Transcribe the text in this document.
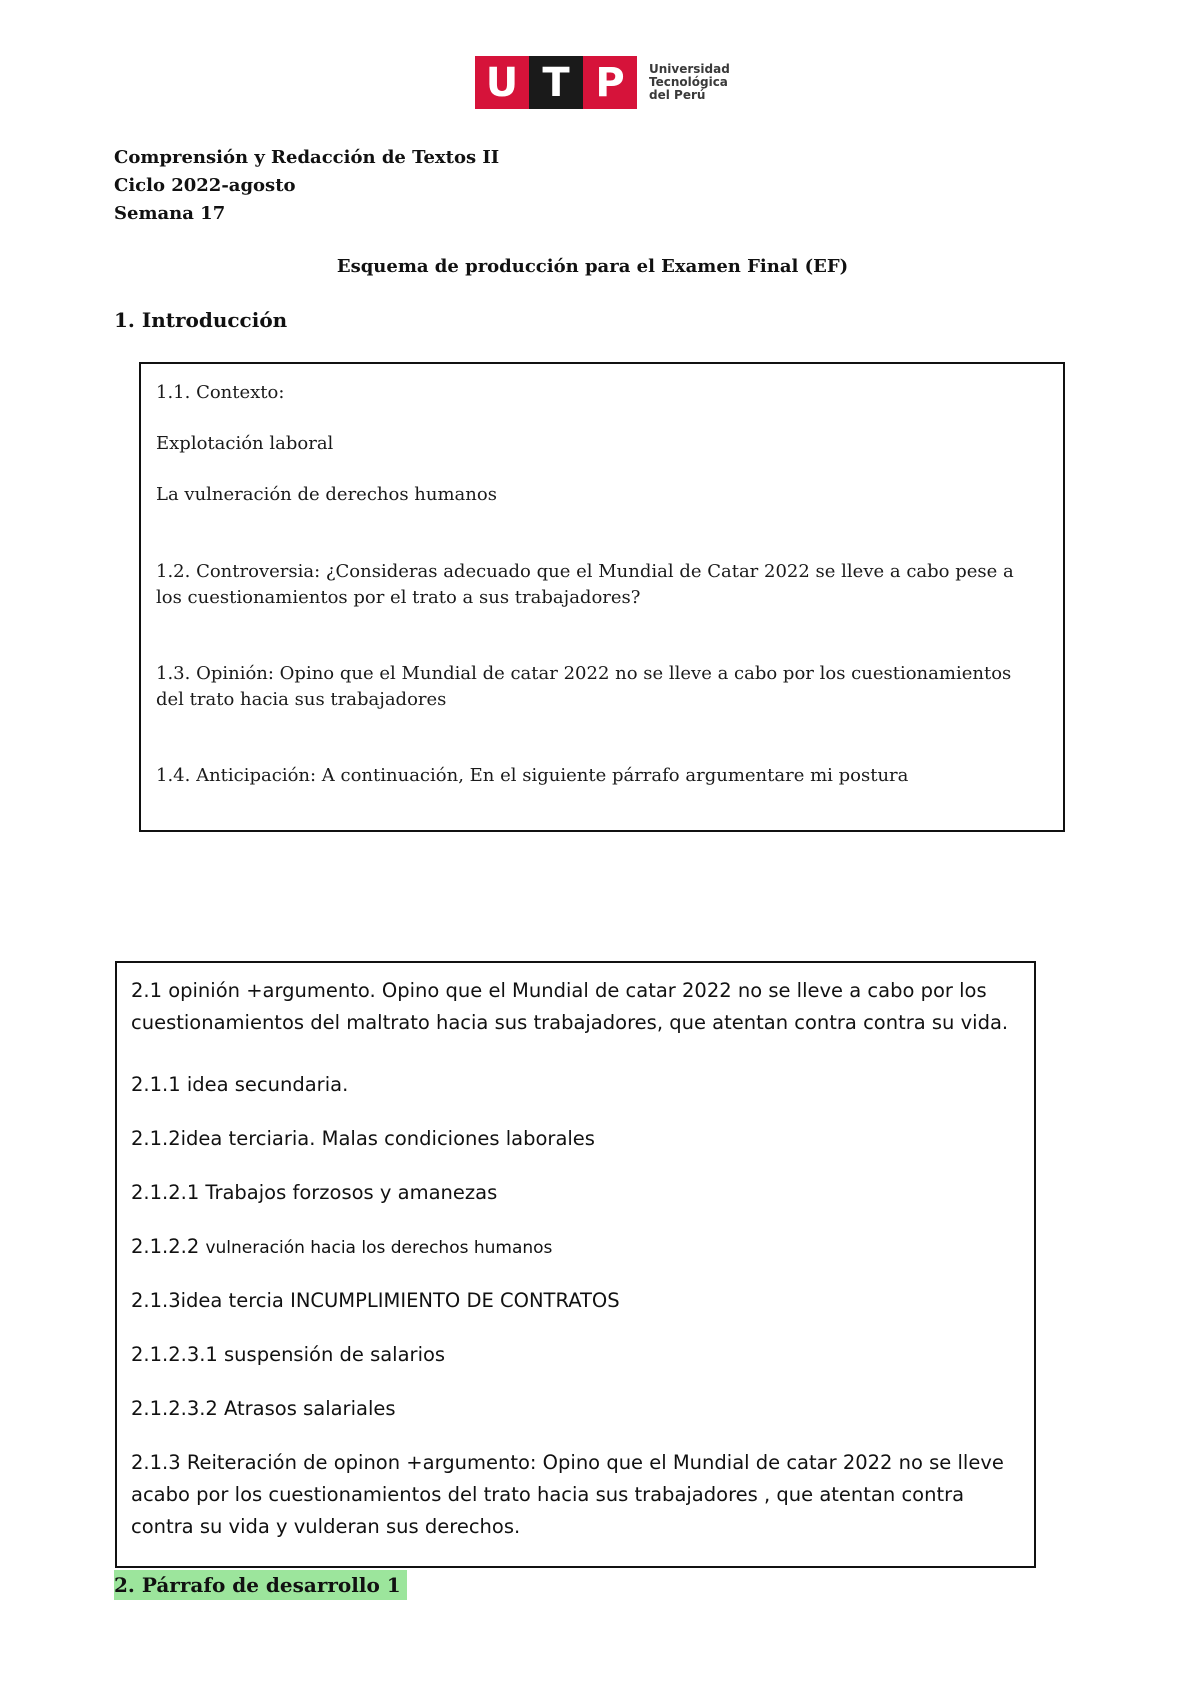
U T P	Universidad
Tecnológica
del Perú
Comprensión y Redacción de Textos II
Ciclo 2022-agosto
Semana 17
Esquema de producción para el Examen Final (EF)
1. Introducción

1.1. Contexto:

Explotación laboral

La vulneración de derechos humanos

1.2. Controversia: ¿Consideras adecuado que el Mundial de Catar 2022 se lleve a cabo pese a los cuestionamientos por el trato a sus trabajadores?

1.3. Opinión: Opino que el Mundial de catar 2022 no se lleve a cabo por los cuestionamientos del trato hacia sus trabajadores

1.4. Anticipación: A continuación, En el siguiente párrafo argumentare mi postura

2.1 opinión +argumento. Opino que el Mundial de catar 2022 no se lleve a cabo por los cuestionamientos del maltrato hacia sus trabajadores, que atentan contra contra su vida.
2.1.1 idea secundaria.
2.1.2idea terciaria. Malas condiciones laborales
2.1.2.1 Trabajos forzosos y amanezas
2.1.2.2 vulneración hacia los derechos humanos
2.1.3idea tercia INCUMPLIMIENTO DE CONTRATOS
2.1.2.3.1 suspensión de salarios
2.1.2.3.2 Atrasos salariales
2.1.3 Reiteración de opinon +argumento: Opino que el Mundial de catar 2022 no se lleve acabo por los cuestionamientos del trato hacia sus trabajadores , que atentan contra contra su vida y vulderan sus derechos.
2. Párrafo de desarrollo 1
